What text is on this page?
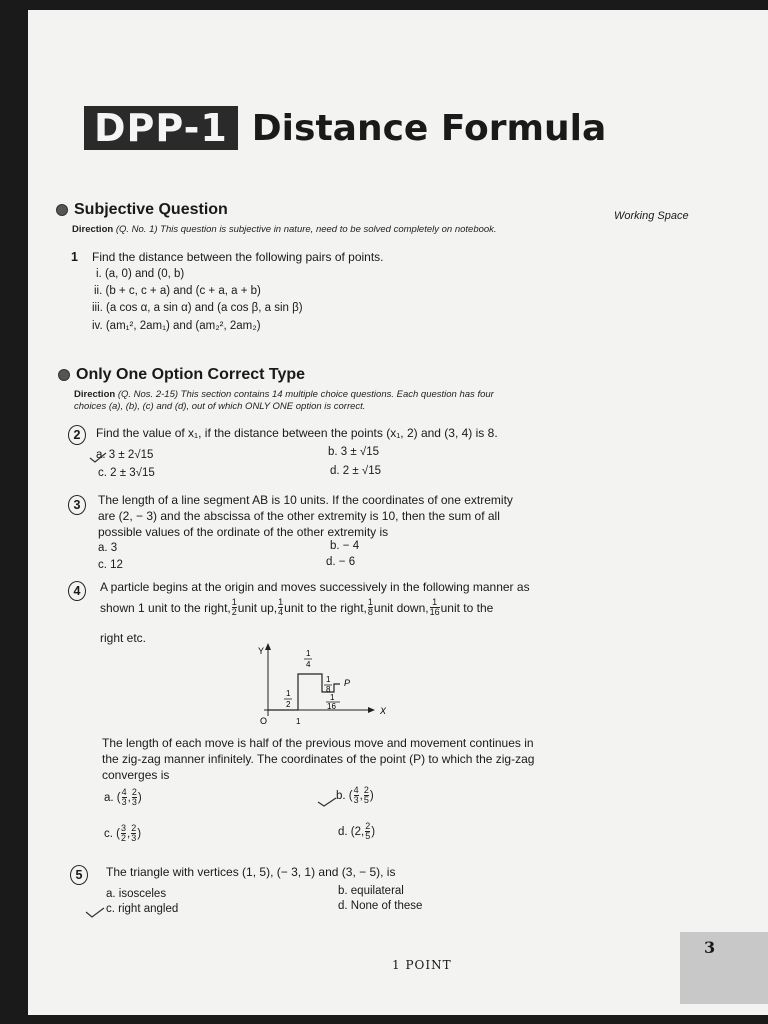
DPP-1 Distance Formula
Working Space
Subjective Question
Direction (Q. No. 1) This question is subjective in nature, need to be solved completely on notebook.
1 Find the distance between the following pairs of points.
i. (a, 0) and (0, b)
ii. (b + c, c + a) and (c + a, a + b)
iii. (a cos α, a sin α) and (a cos β, a sin β)
iv. (am₁², 2am₁) and (am₂², 2am₂)
Only One Option Correct Type
Direction (Q. Nos. 2-15) This section contains 14 multiple choice questions. Each question has four
choices (a), (b), (c) and (d), out of which ONLY ONE option is correct.
2	Find the value of x₁, if the distance between the points (x₁, 2) and (3, 4) is 8.
a. 3 ± 2√15	b. 3 ± √15
c. 2 ± 3√15	d. 2 ± √15
3	The length of a line segment AB is 10 units. If the coordinates of one extremity
are (2, − 3) and the abscissa of the other extremity is 10, then the sum of all
possible values of the ordinate of the other extremity is
a. 3	b. − 4
c. 12	d. − 6
4	A particle begins at the origin and moves successively in the following manner as
shown 1 unit to the right, $\frac{1}{2}$ unit up, $\frac{1}{4}$ unit to the right, $\frac{1}{8}$ unit down, $\frac{1}{16}$ unit to the
right etc.
Y
X
O	1
1
2
1
4
1
8
1
16
P
The length of each move is half of the previous move and movement continues in
the zig-zag manner infinitely. The coordinates of the point (P) to which the zig-zag
converges is
a. ( $\frac{4}{3}$ , $\frac{2}{3}$ )	b. ( $\frac{4}{3}$ , $\frac{2}{5}$ )
c. ( $\frac{3}{2}$ , $\frac{2}{3}$ )	d. ( 2, $\frac{2}{5}$ )
5	The triangle with vertices (1, 5), (− 3, 1) and (3, − 5), is
a. isosceles	b. equilateral
c. right angled	d. None of these
1 POINT
3
